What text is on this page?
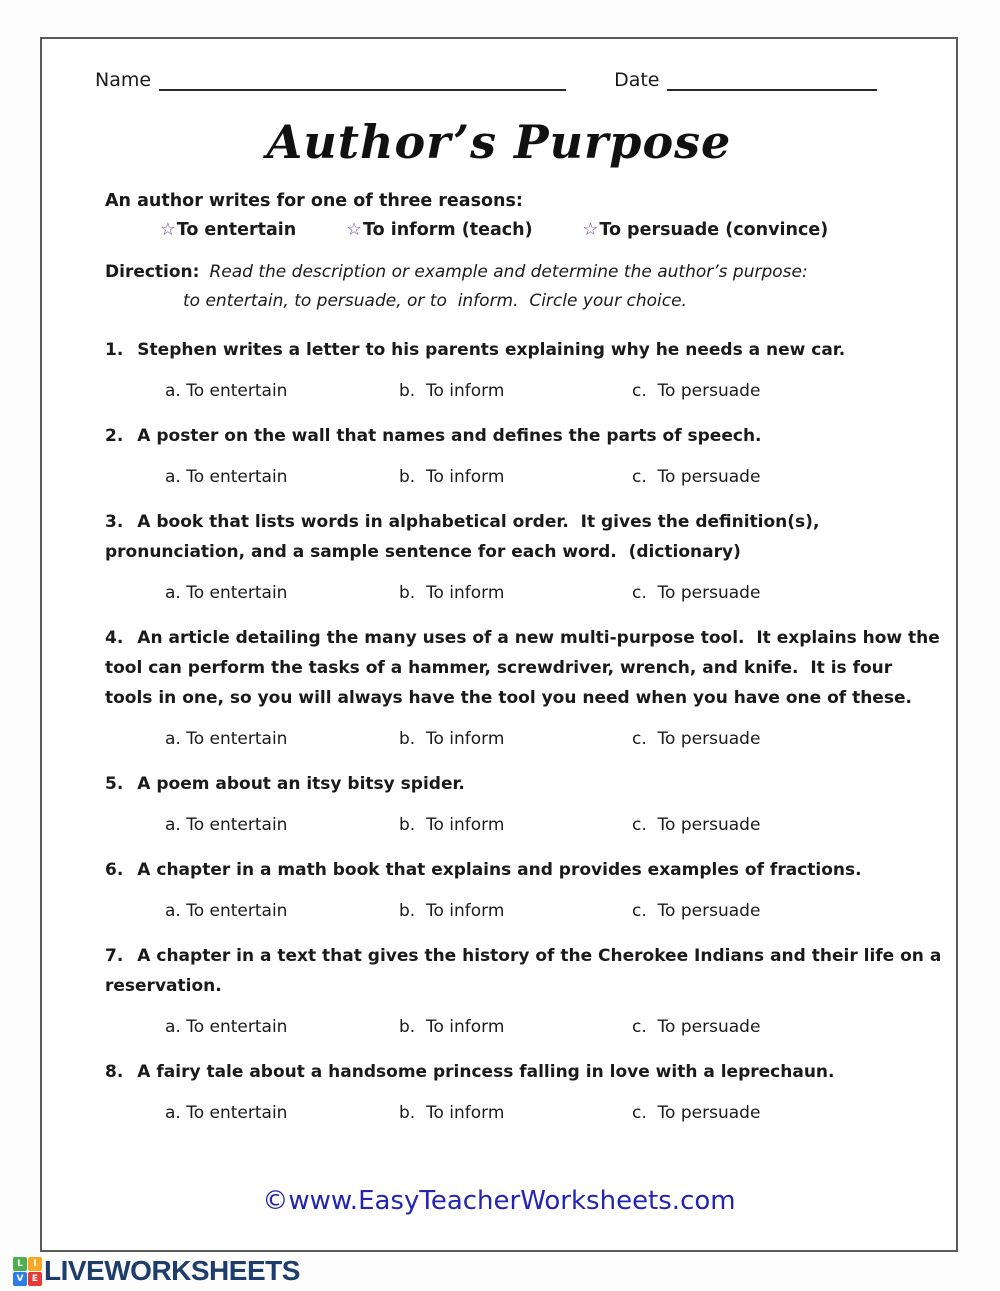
Name	Date
Author’s Purpose
An author writes for one of three reasons:
☆To entertain	☆To inform (teach)	☆To persuade (convince)
Direction: Read the description or example and determine the author’s purpose:
to entertain, to persuade, or to  inform.  Circle your choice.

1. Stephen writes a letter to his parents explaining why he needs a new car.

a. To entertain	b.  To inform	c.  To persuade

2. A poster on the wall that names and defines the parts of speech.

a. To entertain	b.  To inform	c.  To persuade

3. A book that lists words in alphabetical order.  It gives the definition(s), pronunciation, and a sample sentence for each word.  (dictionary)

a. To entertain	b.  To inform	c.  To persuade

4. An article detailing the many uses of a new multi-purpose tool.  It explains how the tool can perform the tasks of a hammer, screwdriver, wrench, and knife.  It is four tools in one, so you will always have the tool you need when you have one of these.

a. To entertain	b.  To inform	c.  To persuade

5. A poem about an itsy bitsy spider.

a. To entertain	b.  To inform	c.  To persuade

6. A chapter in a math book that explains and provides examples of fractions.

a. To entertain	b.  To inform	c.  To persuade

7. A chapter in a text that gives the history of the Cherokee Indians and their life on a reservation.

a. To entertain	b.  To inform	c.  To persuade

8. A fairy tale about a handsome princess falling in love with a leprechaun.

a. To entertain	b.  To inform	c.  To persuade
©www.EasyTeacherWorksheets.com
L	I
V E LIVEWORKSHEETS
